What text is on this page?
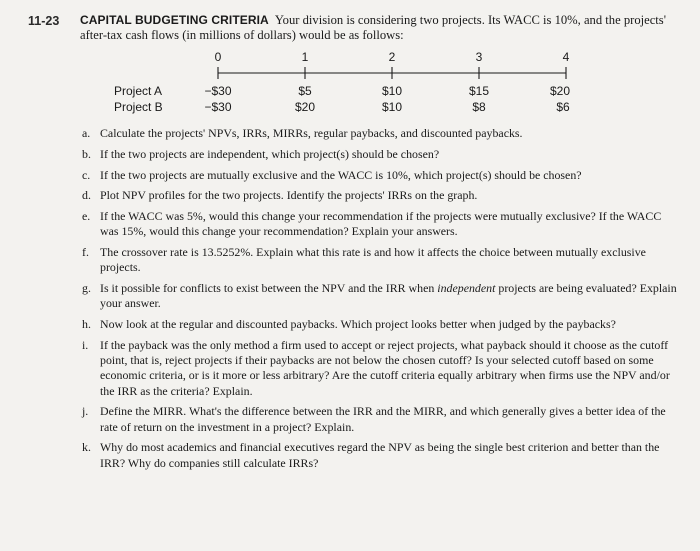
11-23 CAPITAL BUDGETING CRITERIA Your division is considering two projects. Its WACC is 10%, and the projects' after-tax cash flows (in millions of dollars) would be as follows:
0	1	2	3	4
Project A	−$30	$5	$10	$15	$20
Project B	−$30	$20	$10	$8	$6
a. Calculate the projects' NPVs, IRRs, MIRRs, regular paybacks, and discounted paybacks.
b. If the two projects are independent, which project(s) should be chosen?
c. If the two projects are mutually exclusive and the WACC is 10%, which project(s) should be chosen?
d. Plot NPV profiles for the two projects. Identify the projects' IRRs on the graph.
e. If the WACC was 5%, would this change your recommendation if the projects were mutually exclusive? If the WACC was 15%, would this change your recommendation? Explain your answers.
f. The crossover rate is 13.5252%. Explain what this rate is and how it affects the choice between mutually exclusive projects.
g. Is it possible for conflicts to exist between the NPV and the IRR when independent projects are being evaluated? Explain your answer.
h. Now look at the regular and discounted paybacks. Which project looks better when judged by the paybacks?
i. If the payback was the only method a firm used to accept or reject projects, what payback should it choose as the cutoff point, that is, reject projects if their paybacks are not below the chosen cutoff? Is your selected cutoff based on some economic criteria, or is it more or less arbitrary? Are the cutoff criteria equally arbitrary when firms use the NPV and/or the IRR as the criteria? Explain.
j. Define the MIRR. What's the difference between the IRR and the MIRR, and which generally gives a better idea of the rate of return on the investment in a project? Explain.
k. Why do most academics and financial executives regard the NPV as being the single best criterion and better than the IRR? Why do companies still calculate IRRs?
